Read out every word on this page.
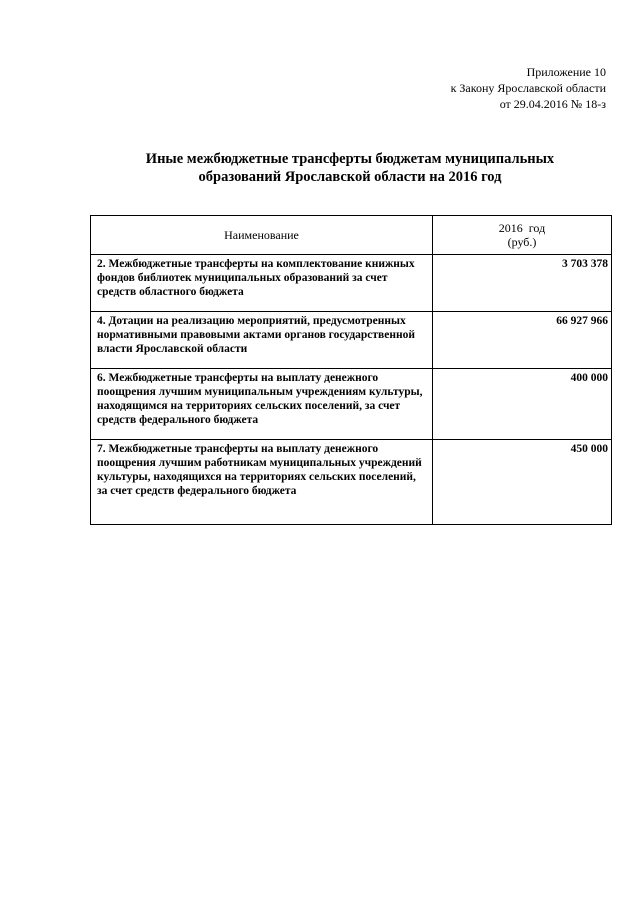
Приложение 10
к Закону Ярославской области
от 29.04.2016 № 18-з
Иные межбюджетные трансферты бюджетам муниципальных
образований Ярославской области на 2016 год
Наименование	2016  год
(руб.)

2. Межбюджетные трансферты на комплектование книжных фондов библиотек муниципальных образований за счет средств областного бюджета	3 703 378
4. Дотации на реализацию мероприятий, предусмотренных нормативными правовыми актами органов государственной власти Ярославской области	66 927 966
6. Межбюджетные трансферты на выплату денежного поощрения лучшим муниципальным учреждениям культуры, находящимся на территориях сельских поселений, за счет средств федерального бюджета	400 000
7. Межбюджетные трансферты на выплату денежного поощрения лучшим работникам муниципальных учреждений культуры, находящихся на территориях сельских поселений, за счет средств федерального бюджета	450 000
